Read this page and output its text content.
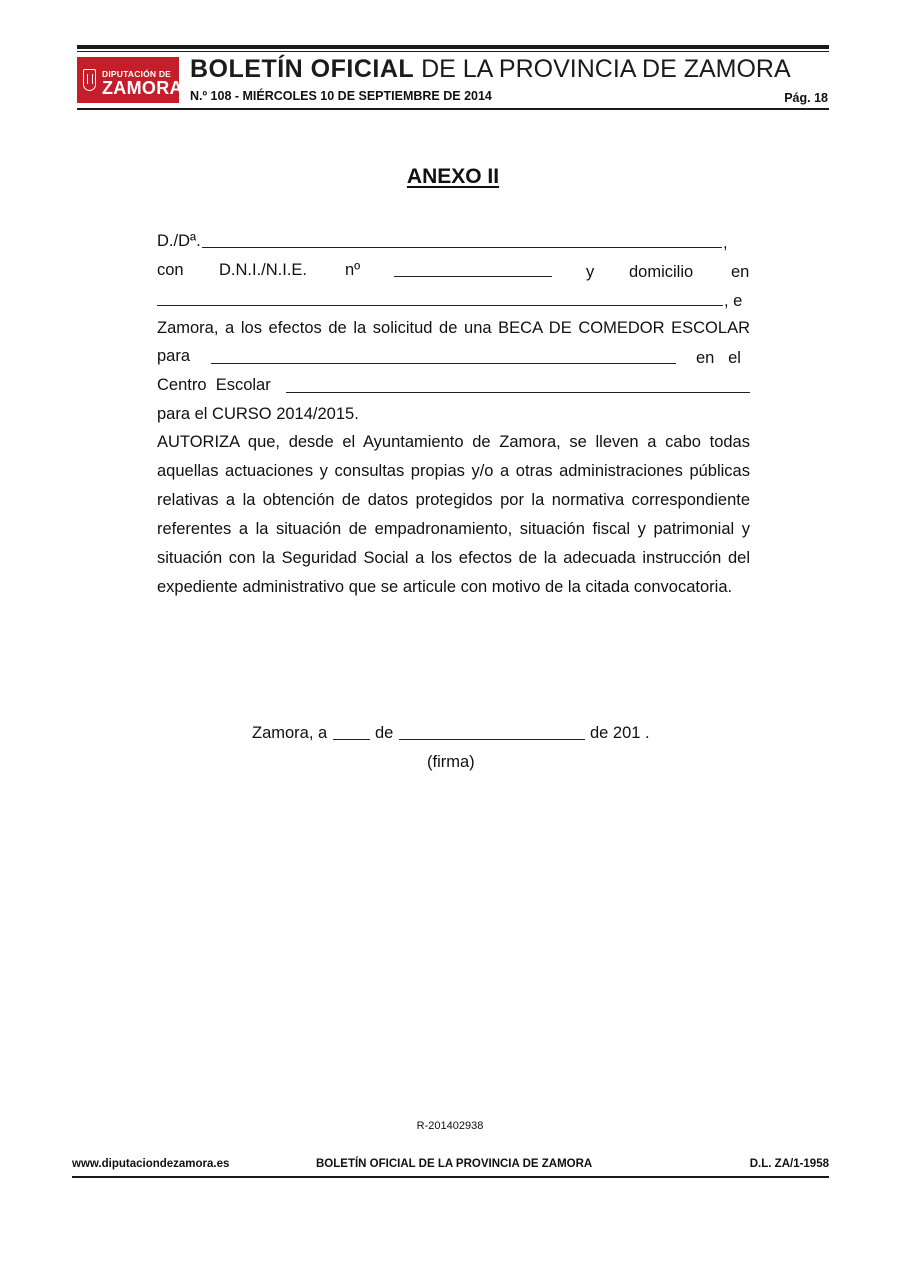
DIPUTACIÓN DE
ZAMORA
BOLETÍN OFICIAL DE LA PROVINCIA DE ZAMORA
N.º 108 - MIÉRCOLES 10 DE SEPTIEMBRE DE 2014	Pág. 18
ANEXO II
D./Dª.	,
con D.N.I./N.I.E. nº	y domicilio en
, e
Zamora, a los efectos de la solicitud de una BECA DE COMEDOR ESCOLAR
para	en   el
Centro  Escolar
para el CURSO 2014/2015.
AUTORIZA que, desde el Ayuntamiento de Zamora, se lleven a cabo todas
aquellas actuaciones y consultas propias y/o a otras administraciones públicas
relativas a la obtención de datos protegidos por la normativa correspondiente
referentes a la situación de empadronamiento, situación fiscal y patrimonial y
situación con la Seguridad Social a los efectos de la adecuada instrucción del
expediente administrativo que se articule con motivo de la citada convocatoria.
Zamora, a	de	de 201 .
(firma)
R-201402938
www.diputaciondezamora.es	BOLETÍN OFICIAL DE LA PROVINCIA DE ZAMORA	D.L. ZA/1-1958
